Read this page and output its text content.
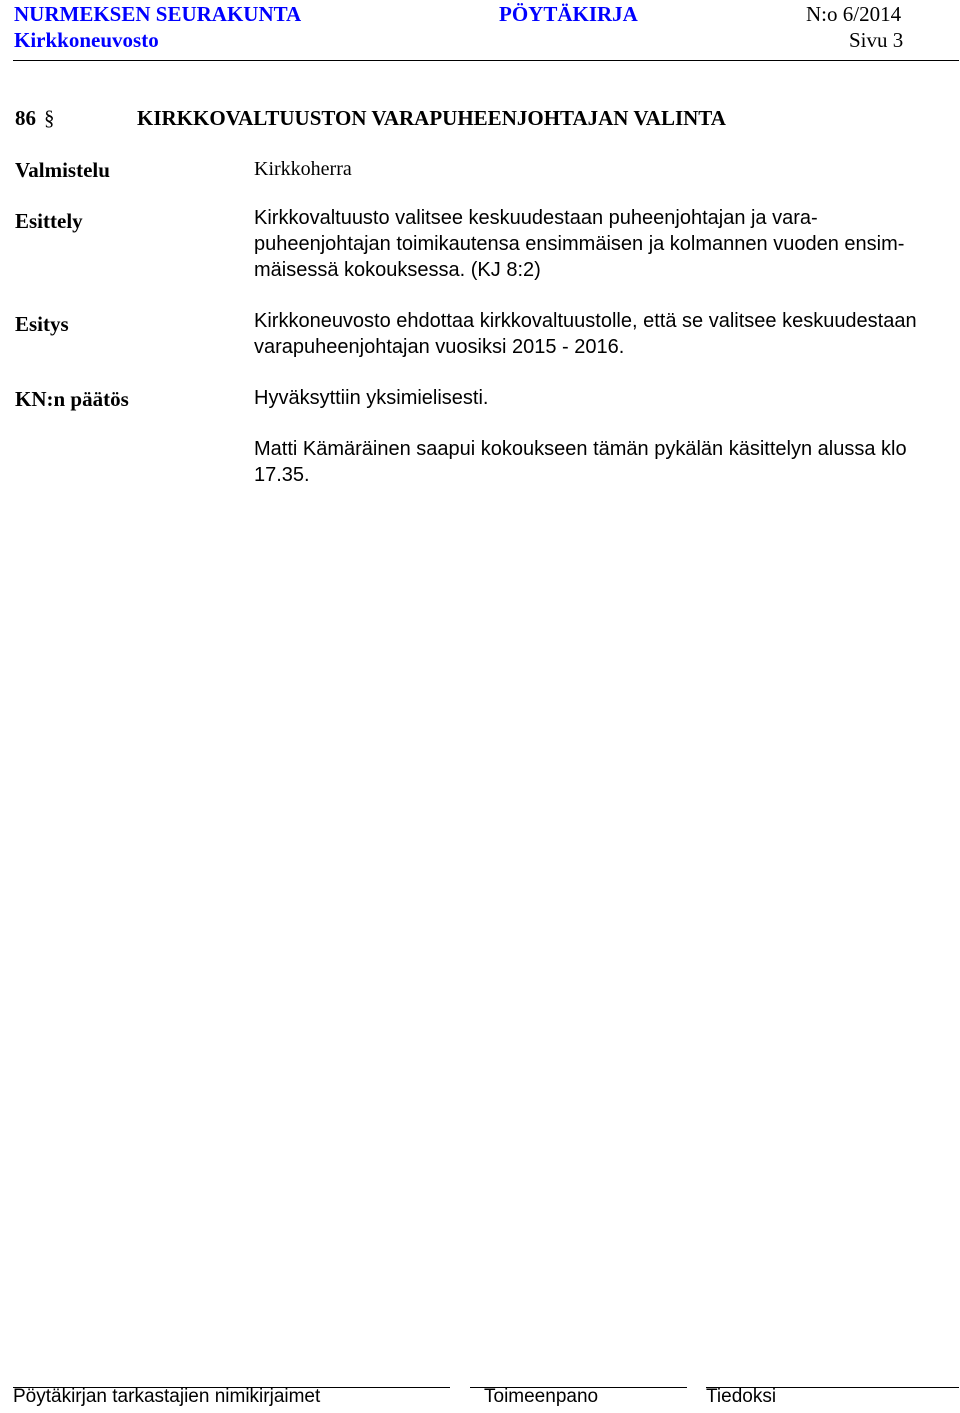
NURMEKSEN SEURAKUNTA	PÖYTÄKIRJA	N:o 6/2014
Kirkkoneuvosto	Sivu 3
86 §	KIRKKOVALTUUSTON VARAPUHEENJOHTAJAN VALINTA
Valmistelu	Kirkkoherra
Esittely	Kirkkovaltuusto valitsee keskuudestaan puheenjohtajan ja vara-
puheenjohtajan toimikautensa ensimmäisen ja kolmannen vuoden ensim-
mäisessä kokouksessa. (KJ 8:2)
Esitys	Kirkkoneuvosto ehdottaa kirkkovaltuustolle, että se valitsee keskuudestaan
varapuheenjohtajan vuosiksi 2015 - 2016.
KN:n päätös	Hyväksyttiin yksimielisesti.
Matti Kämäräinen saapui kokoukseen tämän pykälän käsittelyn alussa klo
17.35.
Pöytäkirjan tarkastajien nimikirjaimet	Toimeenpano	Tiedoksi
